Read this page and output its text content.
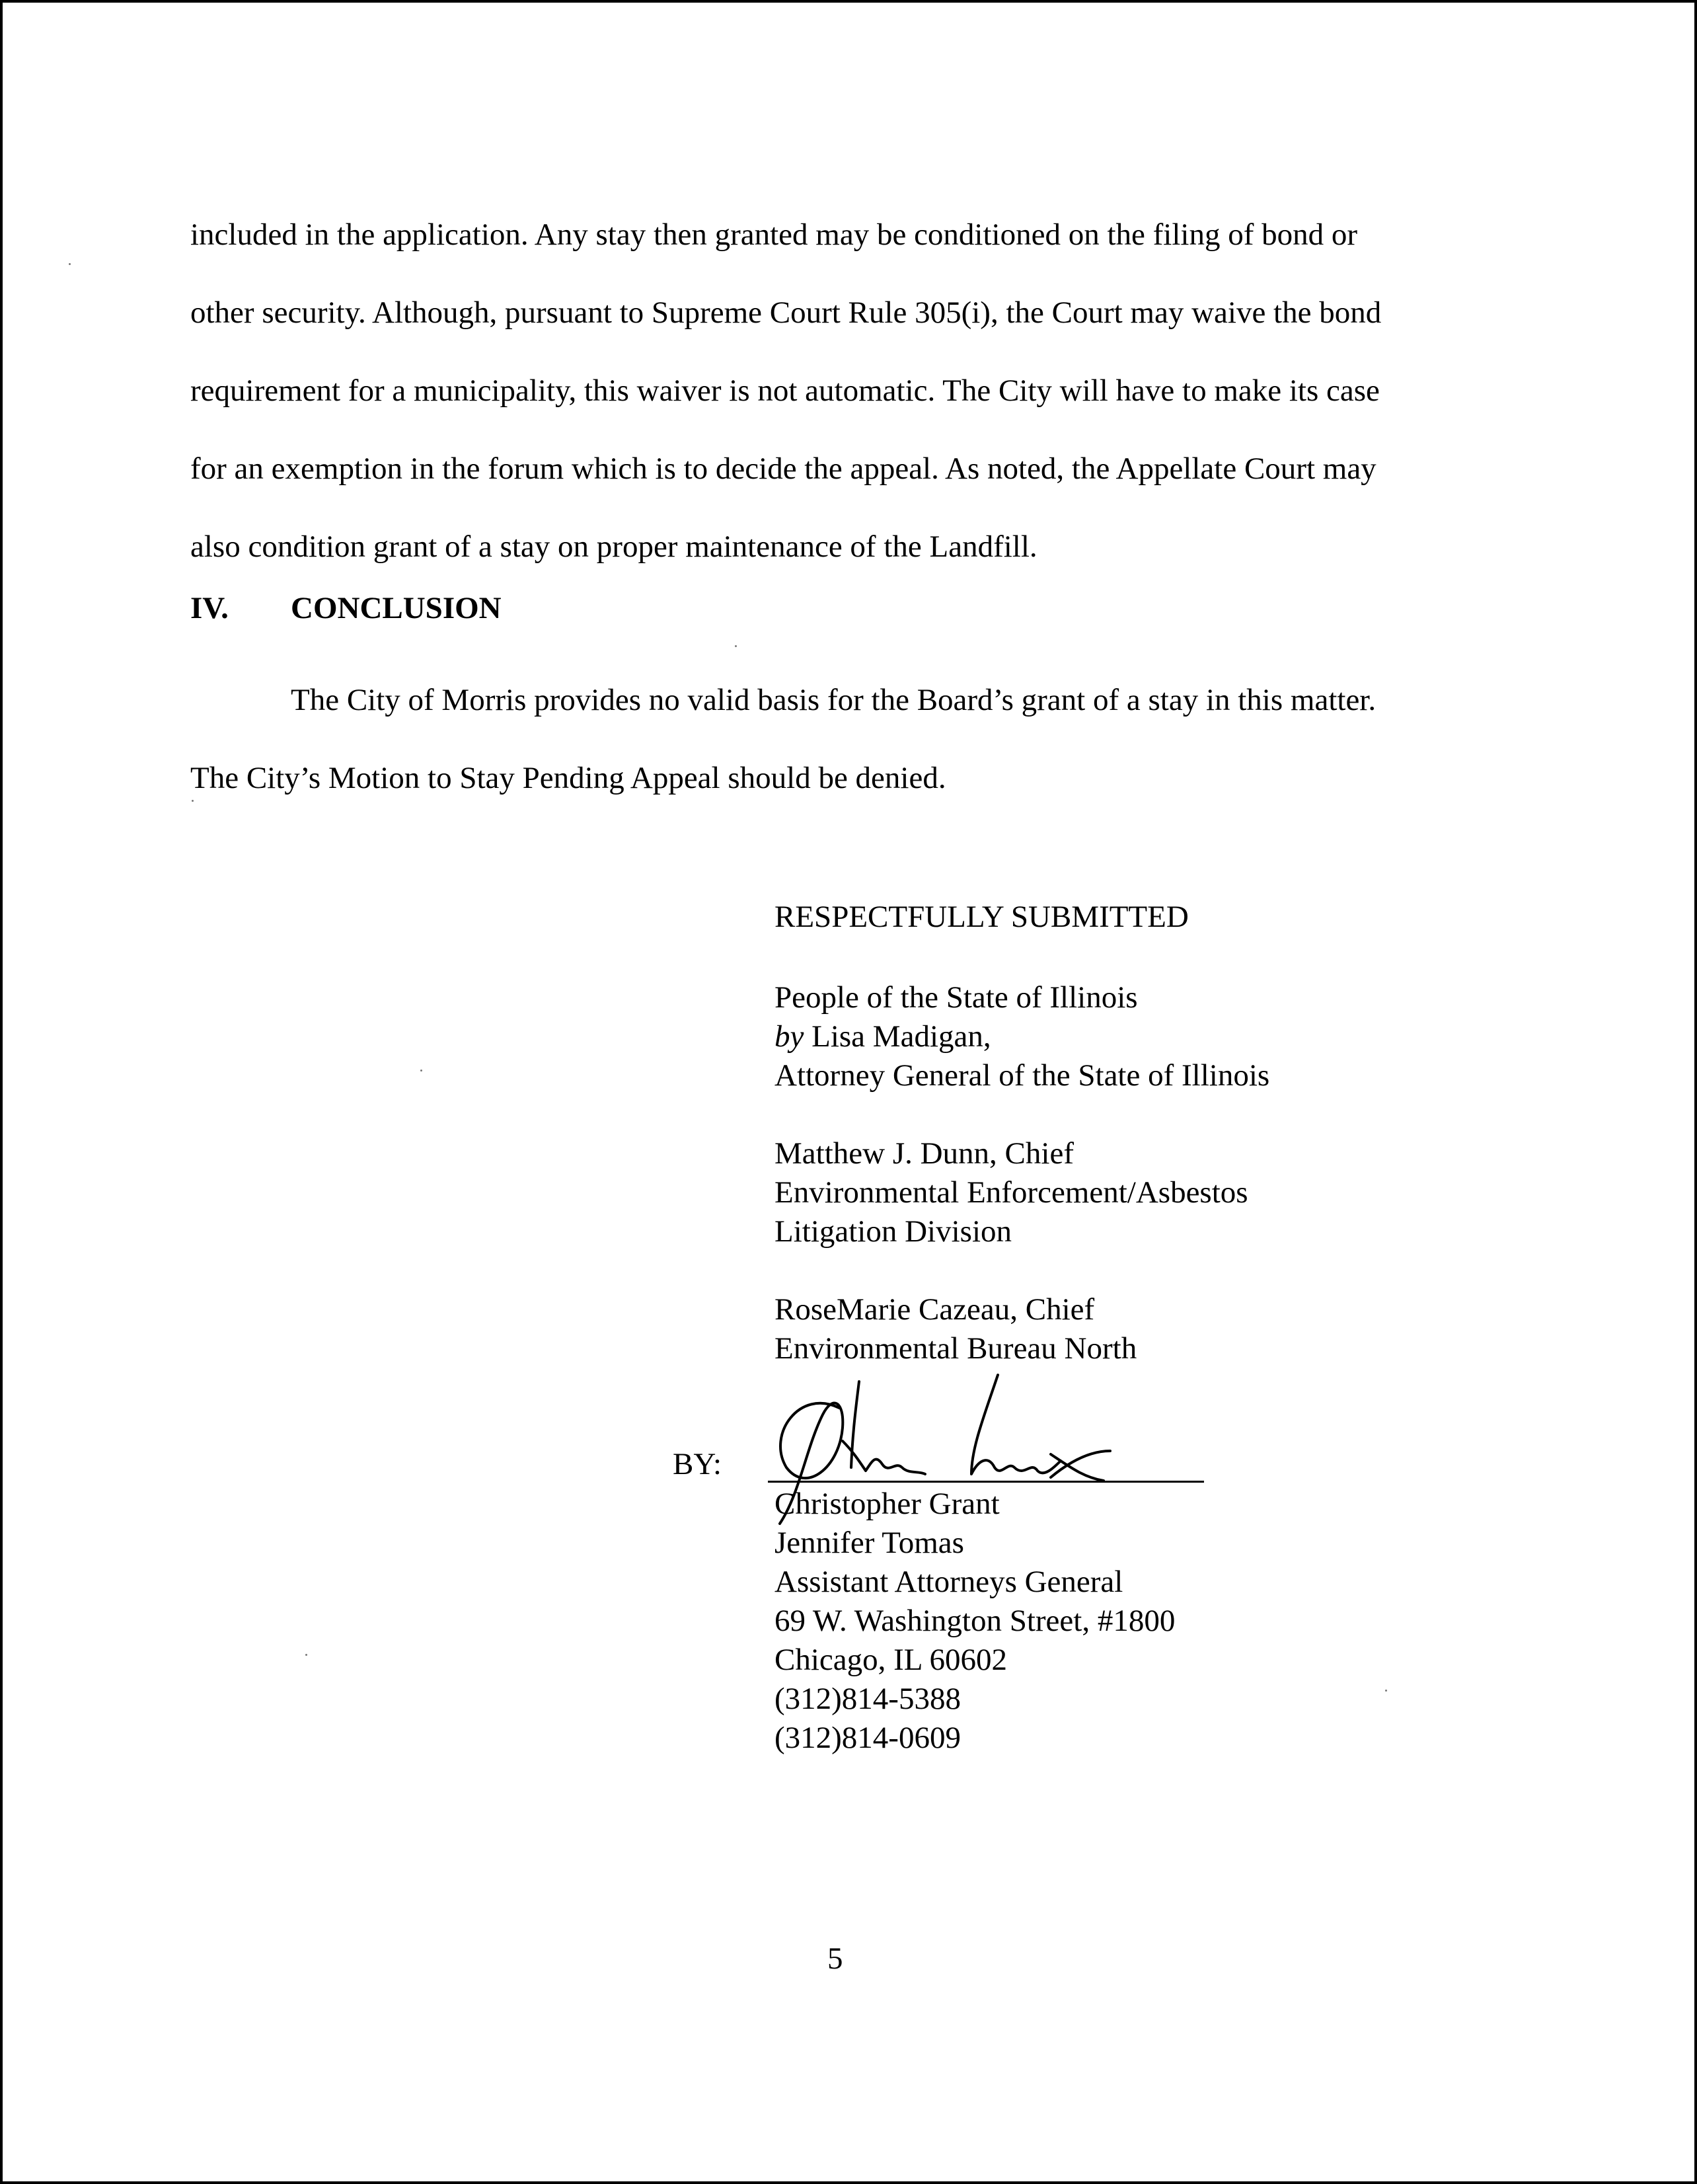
included in the application. Any stay then granted may be conditioned on the filing of bond or

other security. Although, pursuant to Supreme Court Rule 305(i), the Court may waive the bond

requirement for a municipality, this waiver is not automatic. The City will have to make its case

for an exemption in the forum which is to decide the appeal. As noted, the Appellate Court may

also condition grant of a stay on proper maintenance of the Landfill.

IV. CONCLUSION

The City of Morris provides no valid basis for the Board’s grant of a stay in this matter.

The City’s Motion to Stay Pending Appeal should be denied.

RESPECTFULLY SUBMITTED
People of the State of Illinois
by Lisa Madigan,
Attorney General of the State of Illinois
Matthew J. Dunn, Chief
Environmental Enforcement/Asbestos
Litigation Division
RoseMarie Cazeau, Chief
Environmental Bureau North
BY:
Christopher Grant
Jennifer Tomas
Assistant Attorneys General
69 W. Washington Street, #1800
Chicago, IL 60602
(312)814-5388
(312)814-0609
5
